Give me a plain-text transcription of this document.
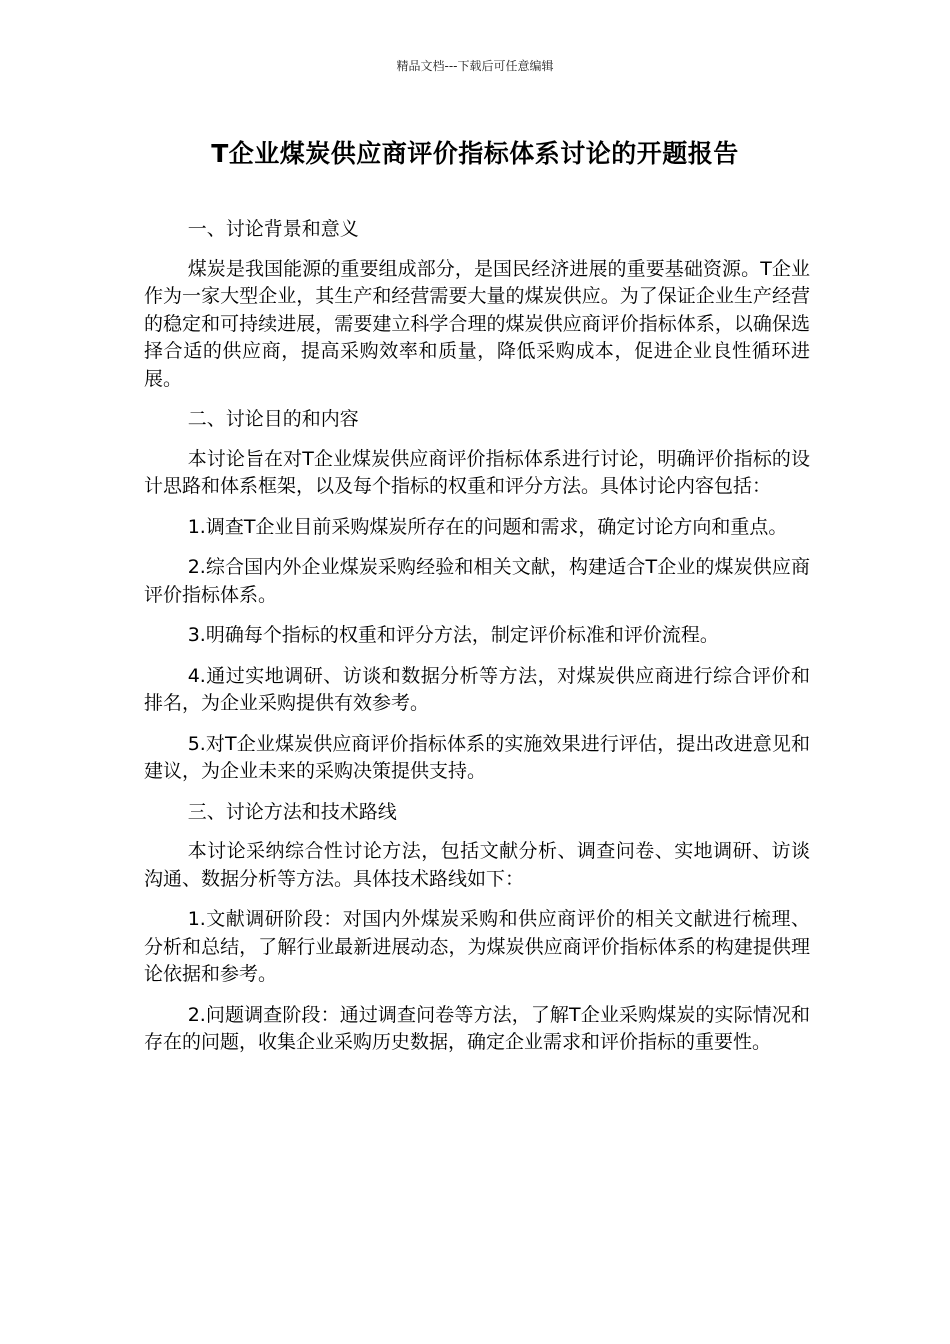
精品文档---下载后可任意编辑
T企业煤炭供应商评价指标体系讨论的开题报告

一、讨论背景和意义

煤炭是我国能源的重要组成部分，是国民经济进展的重要基础资源。T企业作为一家大型企业，其生产和经营需要大量的煤炭供应。为了保证企业生产经营的稳定和可持续进展，需要建立科学合理的煤炭供应商评价指标体系，以确保选择合适的供应商，提高采购效率和质量，降低采购成本，促进企业良性循环进展。

二、讨论目的和内容

本讨论旨在对T企业煤炭供应商评价指标体系进行讨论，明确评价指标的设计思路和体系框架，以及每个指标的权重和评分方法。具体讨论内容包括：

1.调查T企业目前采购煤炭所存在的问题和需求，确定讨论方向和重点。

2.综合国内外企业煤炭采购经验和相关文献，构建适合T企业的煤炭供应商评价指标体系。

3.明确每个指标的权重和评分方法，制定评价标准和评价流程。

4.通过实地调研、访谈和数据分析等方法，对煤炭供应商进行综合评价和排名，为企业采购提供有效参考。

5.对T企业煤炭供应商评价指标体系的实施效果进行评估，提出改进意见和建议，为企业未来的采购决策提供支持。

三、讨论方法和技术路线

本讨论采纳综合性讨论方法，包括文献分析、调查问卷、实地调研、访谈沟通、数据分析等方法。具体技术路线如下：

1.文献调研阶段：对国内外煤炭采购和供应商评价的相关文献进行梳理、分析和总结，了解行业最新进展动态，为煤炭供应商评价指标体系的构建提供理论依据和参考。

2.问题调查阶段：通过调查问卷等方法，了解T企业采购煤炭的实际情况和存在的问题，收集企业采购历史数据，确定企业需求和评价指标的重要性。
